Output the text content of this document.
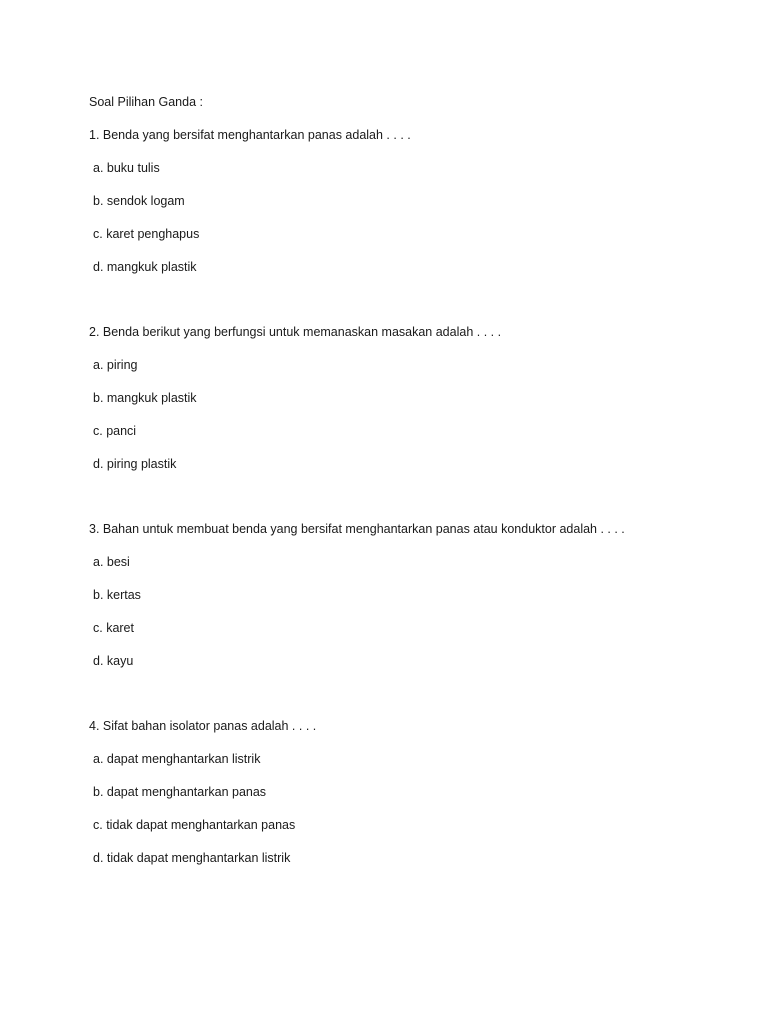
Soal Pilihan Ganda :
1. Benda yang bersifat menghantarkan panas adalah . . . .
a. buku tulis
b. sendok logam
c. karet penghapus
d. mangkuk plastik
2. Benda berikut yang berfungsi untuk memanaskan masakan adalah . . . .
a. piring
b. mangkuk plastik
c. panci
d. piring plastik
3. Bahan untuk membuat benda yang bersifat menghantarkan panas atau konduktor adalah . . . .
a. besi
b. kertas
c. karet
d. kayu
4. Sifat bahan isolator panas adalah . . . .
a. dapat menghantarkan listrik
b. dapat menghantarkan panas
c. tidak dapat menghantarkan panas
d. tidak dapat menghantarkan listrik
